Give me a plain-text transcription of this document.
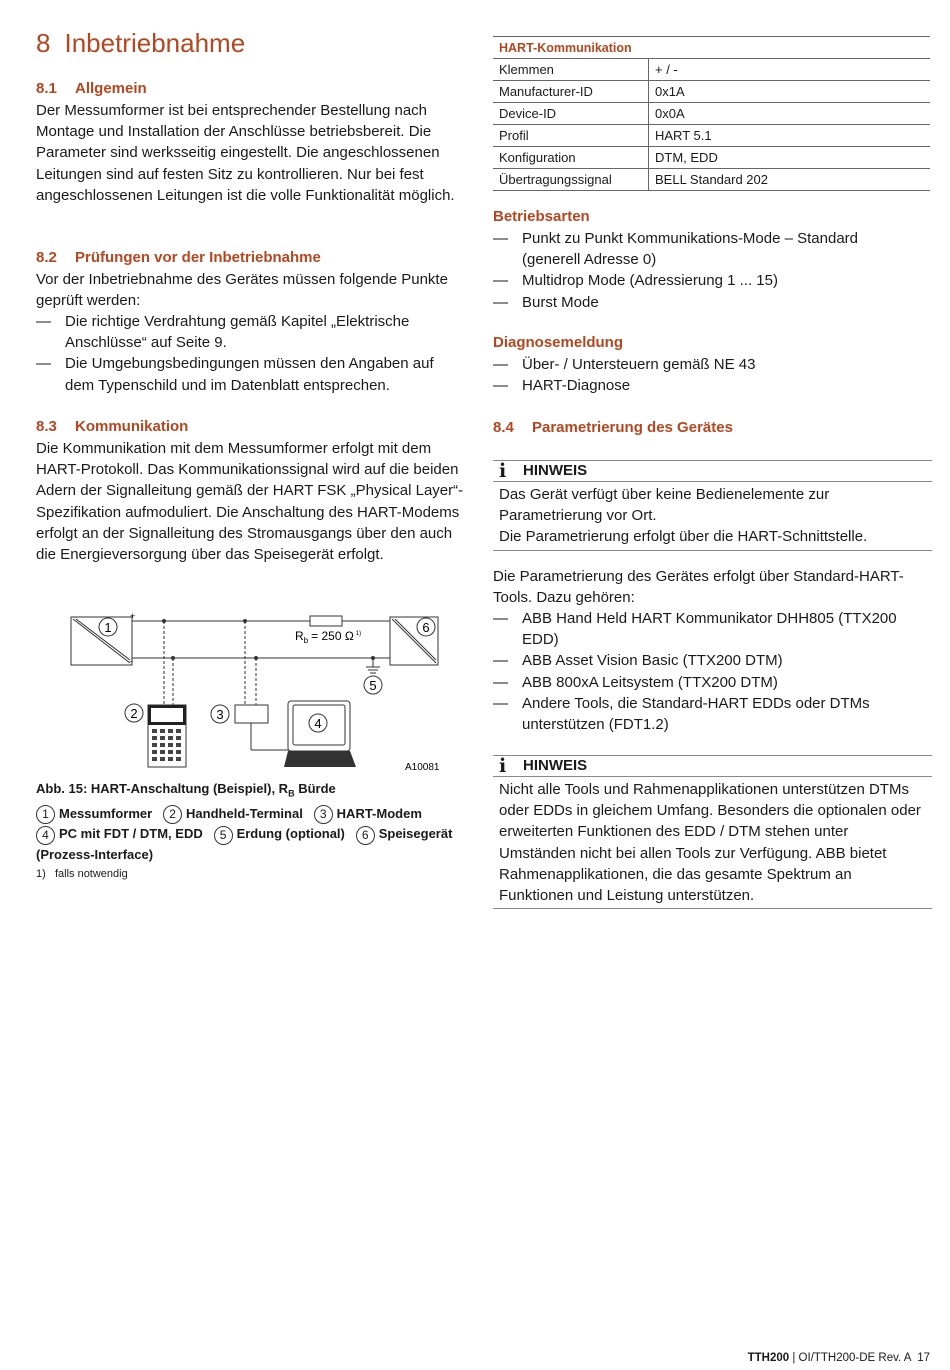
8 Inbetriebnahme
8.1 Allgemein

Der Messumformer ist bei entsprechender Bestellung nach Montage und Installation der Anschlüsse betriebsbereit. Die Parameter sind werksseitig eingestellt. Die angeschlossenen Leitungen sind auf festen Sitz zu kontrollieren. Nur bei fest angeschlossenen Leitungen ist die volle Funktionalität möglich.

8.2 Prüfungen vor der Inbetriebnahme

Vor der Inbetriebnahme des Gerätes müssen folgende Punkte geprüft werden:

— Die richtige Verdrahtung gemäß Kapitel „Elektrische Anschlüsse“ auf Seite 9.
— Die Umgebungsbedingungen müssen den Angaben auf dem Typenschild und im Datenblatt entsprechen.
8.3 Kommunikation

Die Kommunikation mit dem Messumformer erfolgt mit dem HART-Protokoll. Das Kommunikationssignal wird auf die beiden Adern der Signalleitung gemäß der HART FSK „Physical Layer“-Spezifikation aufmoduliert. Die Anschaltung des HART-Modems erfolgt an der Signalleitung des Stromausgangs über den auch die Energieversorgung über das Speisegerät erfolgt.

1	6
+
-
$R_b = 250$ Ω $^{1)}$
5
2	3
4
A10081
Abb. 15: HART-Anschaltung (Beispiel), $R_B$ Bürde
1 Messumformer 2 Handheld-Terminal 3 HART-Modem
4 PC mit FDT / DTM, EDD 5 Erdung (optional) 6 Speisegerät
(Prozess-Interface)
1) falls notwendig
HART-Kommunikation	
Klemmen	+ / -
Manufacturer-ID	0x1A
Device-ID	0x0A
Profil	HART 5.1
Konfiguration	DTM, EDD
Übertragungssignal	BELL Standard 202
Betriebsarten
— Punkt zu Punkt Kommunikations-Mode – Standard (generell Adresse 0)
— Multidrop Mode (Adressierung 1 ... 15)
— Burst Mode
Diagnosemeldung
— Über- / Untersteuern gemäß NE 43
— HART-Diagnose
8.4 Parametrierung des Gerätes
i	HINWEIS
Das Gerät verfügt über keine Bedienelemente zur Parametrierung vor Ort.
Die Parametrierung erfolgt über die HART-Schnittstelle.

Die Parametrierung des Gerätes erfolgt über Standard-HART-Tools. Dazu gehören:

— ABB Hand Held HART Kommunikator DHH805 (TTX200 EDD)
— ABB Asset Vision Basic (TTX200 DTM)
— ABB 800xA Leitsystem (TTX200 DTM)
— Andere Tools, die Standard-HART EDDs oder DTMs unterstützen (FDT1.2)
i	HINWEIS
Nicht alle Tools und Rahmenapplikationen unterstützen DTMs oder EDDs in gleichem Umfang. Besonders die optionalen oder erweiterten Funktionen des EDD / DTM stehen unter Umständen nicht bei allen Tools zur Verfügung. ABB bietet Rahmenapplikationen, die das gesamte Spektrum an Funktionen und Leistung unterstützen.
TTH200 | OI/TTH200-DE Rev. A  17
